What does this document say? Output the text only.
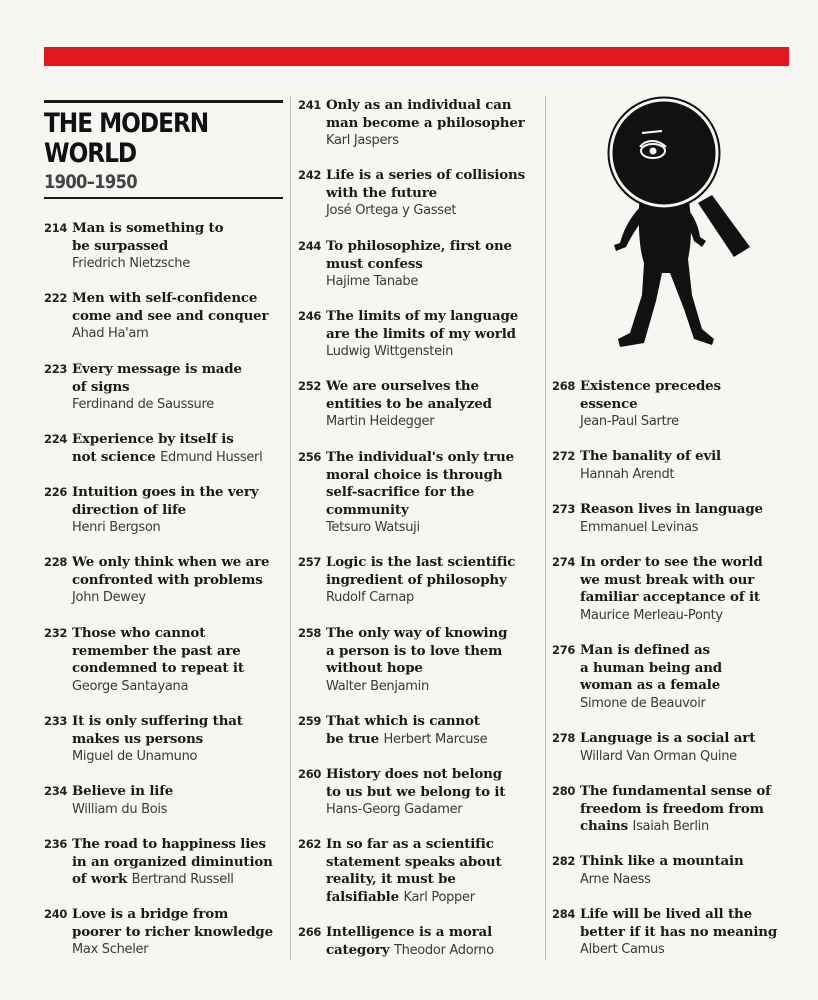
THE MODERN
WORLD
1900–1950
214 Man is something to
be surpassed
Friedrich Nietzsche
222 Men with self-confidence
come and see and conquer
Ahad Ha'am
223 Every message is made
of signs
Ferdinand de Saussure
224 Experience by itself is
not science Edmund Husserl
226 Intuition goes in the very
direction of life
Henri Bergson
228 We only think when we are
confronted with problems
John Dewey
232 Those who cannot
remember the past are
condemned to repeat it
George Santayana
233 It is only suffering that
makes us persons
Miguel de Unamuno
234 Believe in life
William du Bois
236 The road to happiness lies
in an organized diminution
of work Bertrand Russell
240 Love is a bridge from
poorer to richer knowledge
Max Scheler
241 Only as an individual can
man become a philosopher
Karl Jaspers
242 Life is a series of collisions
with the future
José Ortega y Gasset
244 To philosophize, first one
must confess
Hajime Tanabe
246 The limits of my language
are the limits of my world
Ludwig Wittgenstein
252 We are ourselves the
entities to be analyzed
Martin Heidegger
256 The individual's only true
moral choice is through
self-sacrifice for the
community
Tetsuro Watsuji
257 Logic is the last scientific
ingredient of philosophy
Rudolf Carnap
258 The only way of knowing
a person is to love them
without hope
Walter Benjamin
259 That which is cannot
be true Herbert Marcuse
260 History does not belong
to us but we belong to it
Hans-Georg Gadamer
262 In so far as a scientific
statement speaks about
reality, it must be
falsifiable Karl Popper
266 Intelligence is a moral
category Theodor Adorno
268 Existence precedes
essence
Jean-Paul Sartre
272 The banality of evil
Hannah Arendt
273 Reason lives in language
Emmanuel Levinas
274 In order to see the world
we must break with our
familiar acceptance of it
Maurice Merleau-Ponty
276 Man is defined as
a human being and
woman as a female
Simone de Beauvoir
278 Language is a social art
Willard Van Orman Quine
280 The fundamental sense of
freedom is freedom from
chains Isaiah Berlin
282 Think like a mountain
Arne Naess
284 Life will be lived all the
better if it has no meaning
Albert Camus
